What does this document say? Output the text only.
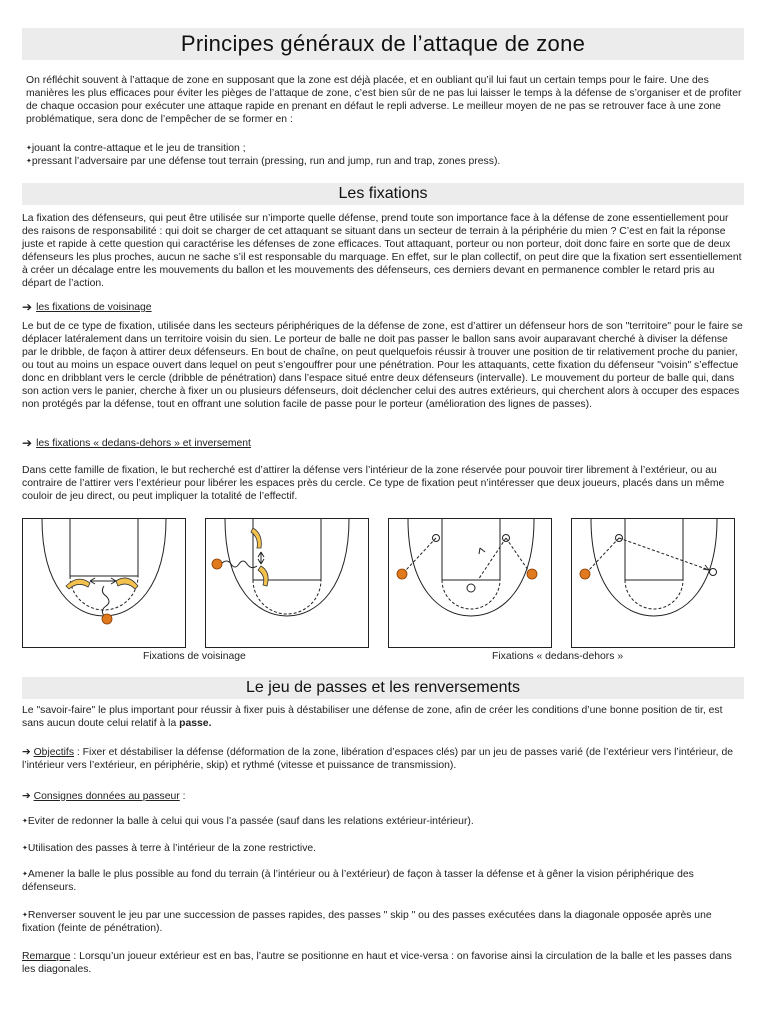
Principes généraux de l’attaque de zone

On réfléchit souvent à l’attaque de zone en supposant que la zone est déjà placée, et en oubliant qu’il lui faut un certain temps pour le faire. Une des manières les plus efficaces pour éviter les pièges de l’attaque de zone, c’est bien sûr de ne pas lui laisser le temps à la défense de s’organiser et de profiter de chaque occasion pour exécuter une attaque rapide en prenant en défaut le repli adverse. Le meilleur moyen de ne pas se retrouver face à une zone problématique, sera donc de l’empêcher de se former en :

✦ jouant la contre-attaque et le jeu de transition ;
✦ pressant l’adversaire par une défense tout terrain (pressing, run and jump, run and trap, zones press).
Les fixations

La fixation des défenseurs, qui peut être utilisée sur n’importe quelle défense, prend toute son importance face à la défense de zone essentiellement pour des raisons de responsabilité : qui doit se charger de cet attaquant se situant dans un secteur de terrain à la périphérie du mien ? C’est en fait la réponse juste et rapide à cette question qui caractérise les défenses de zone efficaces. Tout attaquant, porteur ou non porteur, doit donc faire en sorte que de deux défenseurs les plus proches, aucun ne sache s’il est responsable du marquage. En effet, sur le plan collectif, on peut dire que la fixation sert essentiellement à créer un décalage entre les mouvements du ballon et les mouvements des défenseurs, ces derniers devant en permanence combler le retard pris au départ de l’action.

➔ les fixations de voisinage

Le but de ce type de fixation, utilisée dans les secteurs périphériques de la défense de zone, est d’attirer un défenseur hors de son "territoire" pour le faire se déplacer latéralement dans un territoire voisin du sien. Le porteur de balle ne doit pas passer le ballon sans avoir auparavant cherché à diviser la défense par le dribble, de façon à attirer deux défenseurs. En bout de chaîne, on peut quelquefois réussir à trouver une position de tir relativement proche du panier, ou tout au moins un espace ouvert dans lequel on peut s’engouffrer pour une pénétration. Pour les attaquants, cette fixation du défenseur "voisin" s’effectue donc en dribblant vers le cercle (dribble de pénétration) dans l’espace situé entre deux défenseurs (intervalle). Le mouvement du porteur de balle qui, dans son action vers le panier, cherche à fixer un ou plusieurs défenseurs, doit déclencher celui des autres extérieurs, qui cherchent alors à occuper des espaces non protégés par la défense, tout en offrant une solution facile de passe pour le porteur (amélioration des lignes de passes).

➔ les fixations « dedans-dehors » et inversement

Dans cette famille de fixation, le but recherché est d’attirer la défense vers l’intérieur de la zone réservée pour pouvoir tirer librement à l’extérieur, ou au contraire de l’attirer vers l’extérieur pour libérer les espaces près du cercle. Ce type de fixation peut n’intéresser que deux joueurs, placés dans un même couloir de jeu direct, ou peut impliquer la totalité de l’effectif.

Fixations de voisinage	Fixations « dedans-dehors »
Le jeu de passes et les renversements

Le "savoir-faire" le plus important pour réussir à fixer puis à déstabiliser une défense de zone, afin de créer les conditions d’une bonne position de tir, est sans aucun doute celui relatif à la passe.

➔ Objectifs : Fixer et déstabiliser la défense (déformation de la zone, libération d’espaces clés) par un jeu de passes varié (de l’extérieur vers l’intérieur, de l’intérieur vers l’extérieur, en périphérie, skip) et rythmé (vitesse et puissance de transmission).

➔ Consignes données au passeur :

✦ Eviter de redonner la balle à celui qui vous l’a passée (sauf dans les relations extérieur-intérieur).

✦ Utilisation des passes à terre à l’intérieur de la zone restrictive.

✦ Amener la balle le plus possible au fond du terrain (à l’intérieur ou à l’extérieur) de façon à tasser la défense et à gêner la vision périphérique des défenseurs.

✦ Renverser souvent le jeu par une succession de passes rapides, des passes " skip " ou des passes exécutées dans la diagonale opposée après une fixation (feinte de pénétration).

Remarque : Lorsqu’un joueur extérieur est en bas, l’autre se positionne en haut et vice-versa : on favorise ainsi la circulation de la balle et les passes dans les diagonales.
